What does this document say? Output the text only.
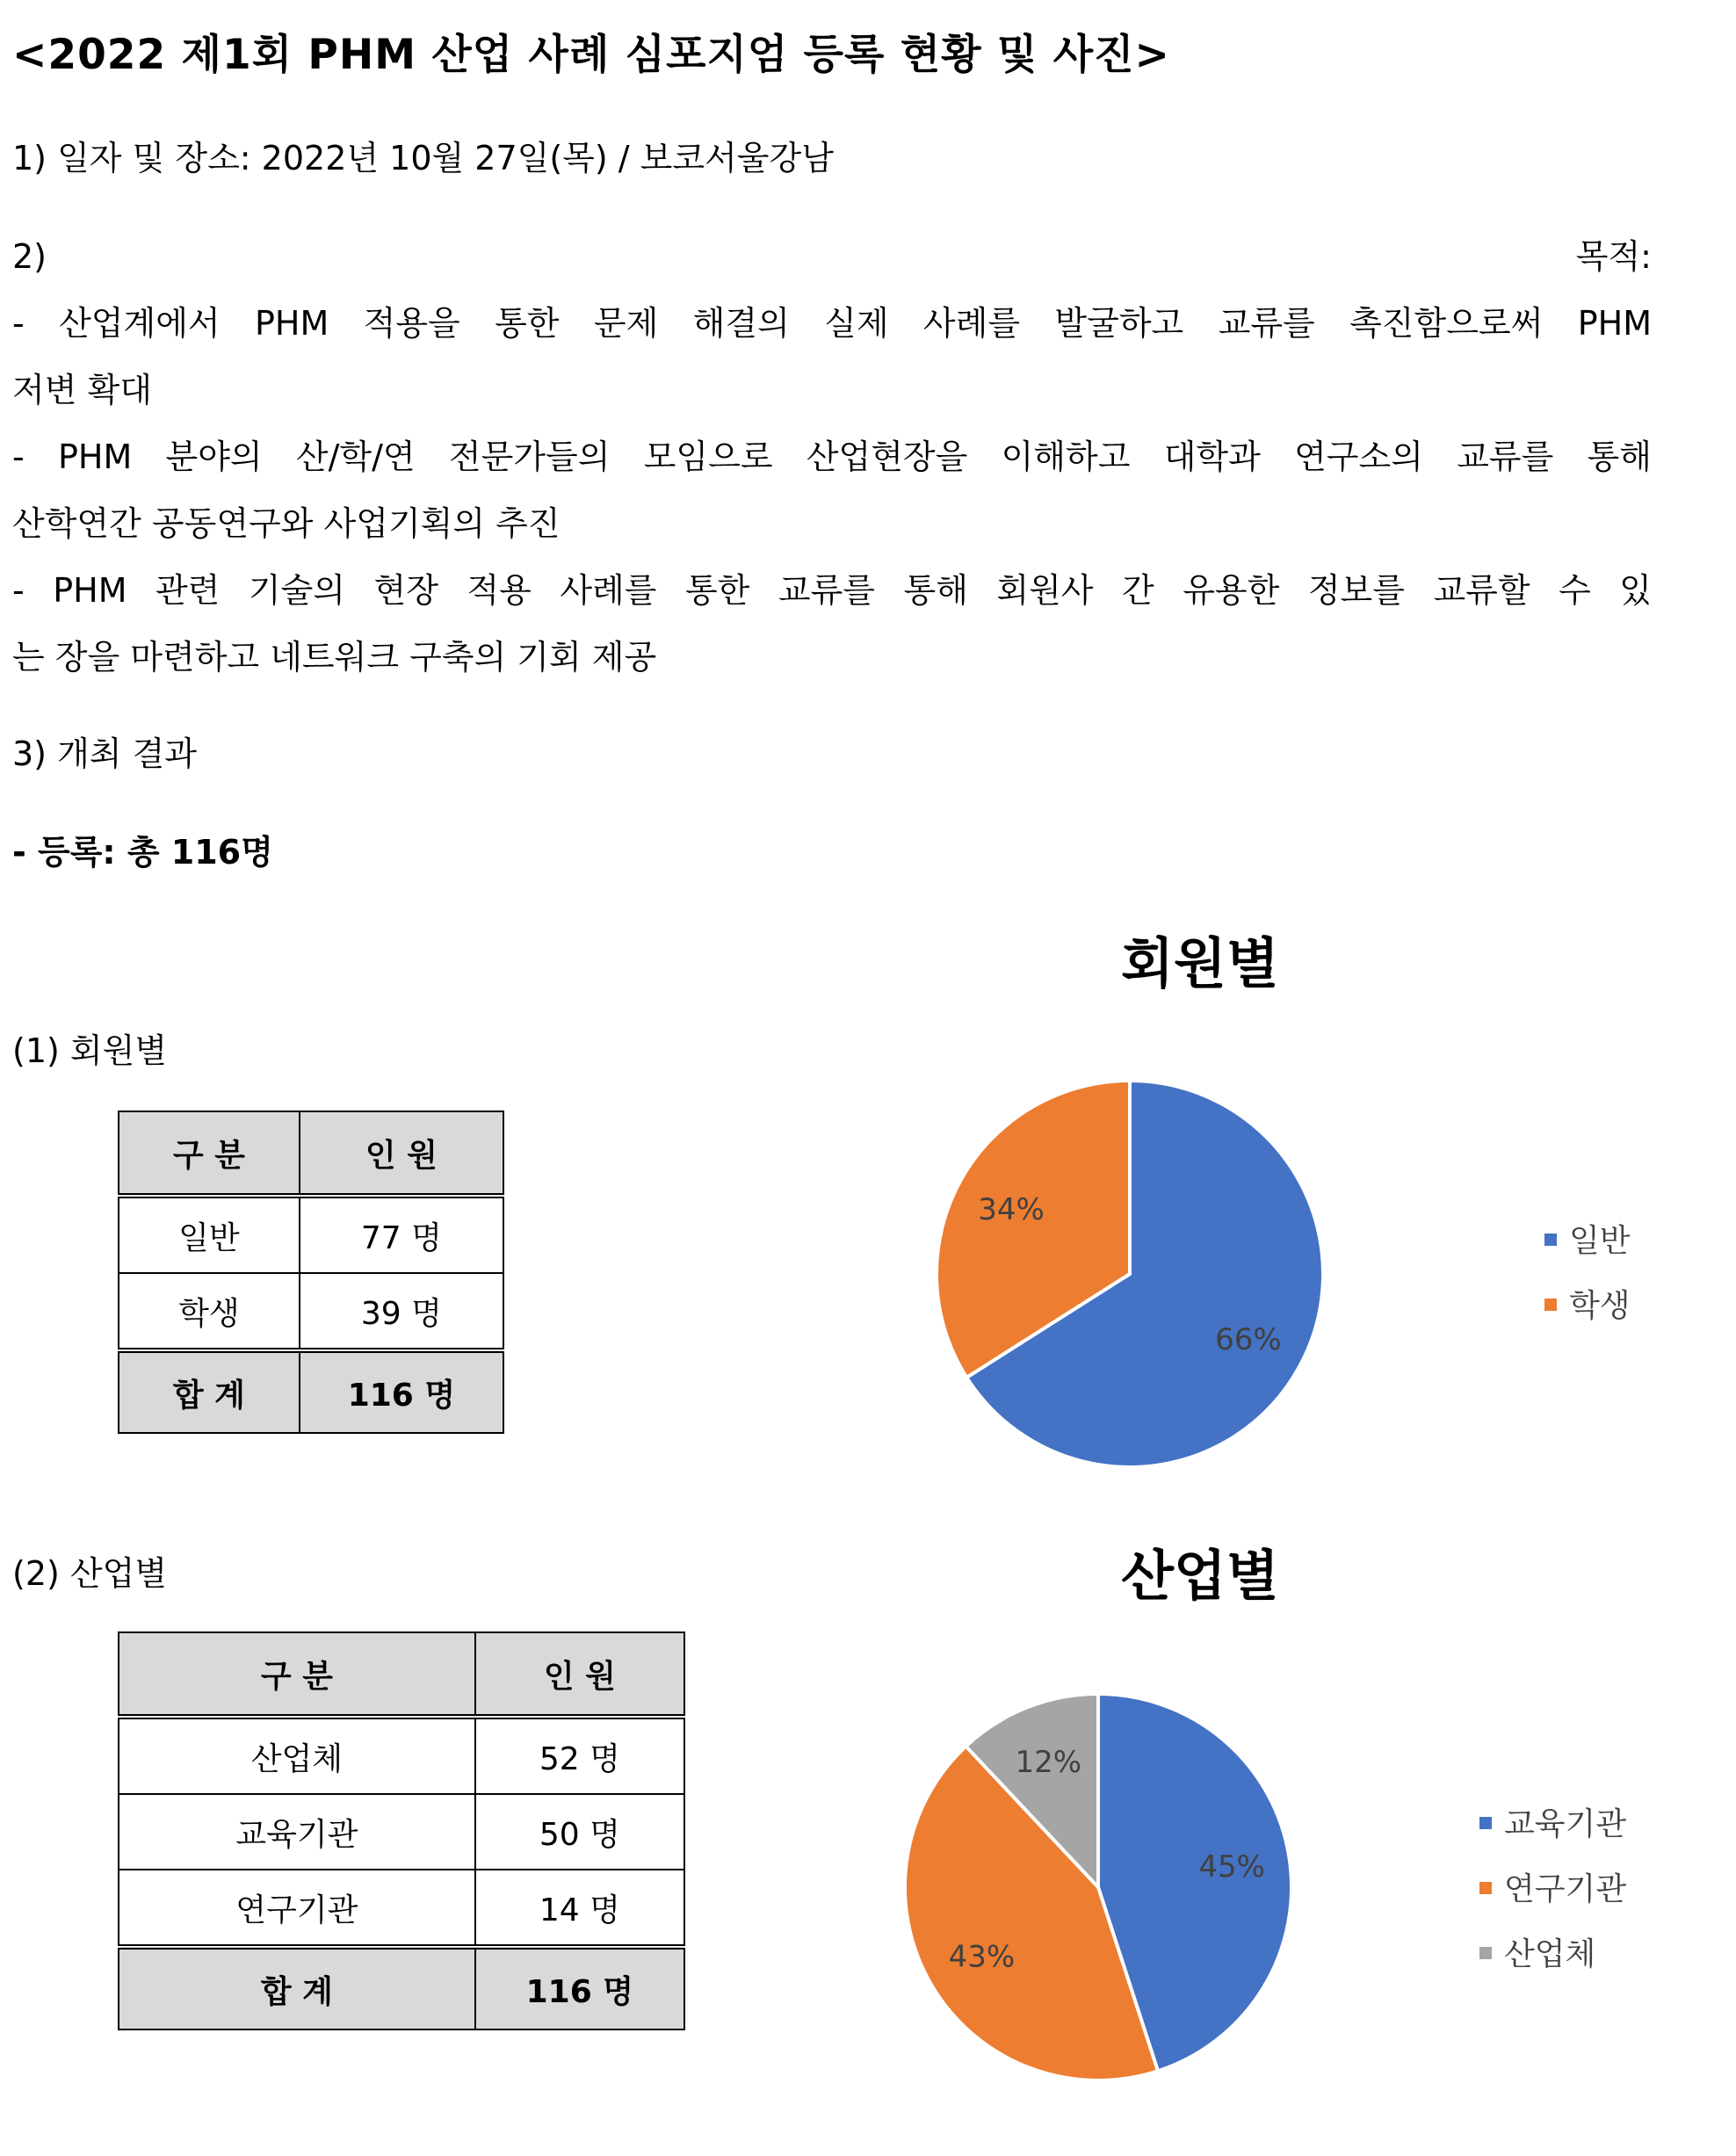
<2022 제1회 PHM 산업 사례 심포지엄 등록 현황 및 사진>
1) 일자 및 장소: 2022년 10월 27일(목) / 보코서울강남
2) 목적:
- 산업계에서 PHM 적용을 통한 문제 해결의 실제 사례를 발굴하고 교류를 촉진함으로써 PHM
저변 확대
- PHM 분야의 산/학/연 전문가들의 모임으로 산업현장을 이해하고 대학과 연구소의 교류를 통해
산학연간 공동연구와 사업기획의 추진
- PHM 관련 기술의 현장 적용 사례를 통한 교류를 통해 회원사 간 유용한 정보를 교류할 수 있
는 장을 마련하고 네트워크 구축의 기회 제공
3) 개최 결과
- 등록: 총 116명
(1) 회원별
구 분	인 원
일반	77 명
학생	39 명
합 계	116 명
(2) 산업별
구 분	인 원
산업체	52 명
교육기관	50 명
연구기관	14 명
합 계	116 명
회원별
66%
34%
일반
학생
산업별
45%
43%
12%
교육기관
연구기관
산업체
